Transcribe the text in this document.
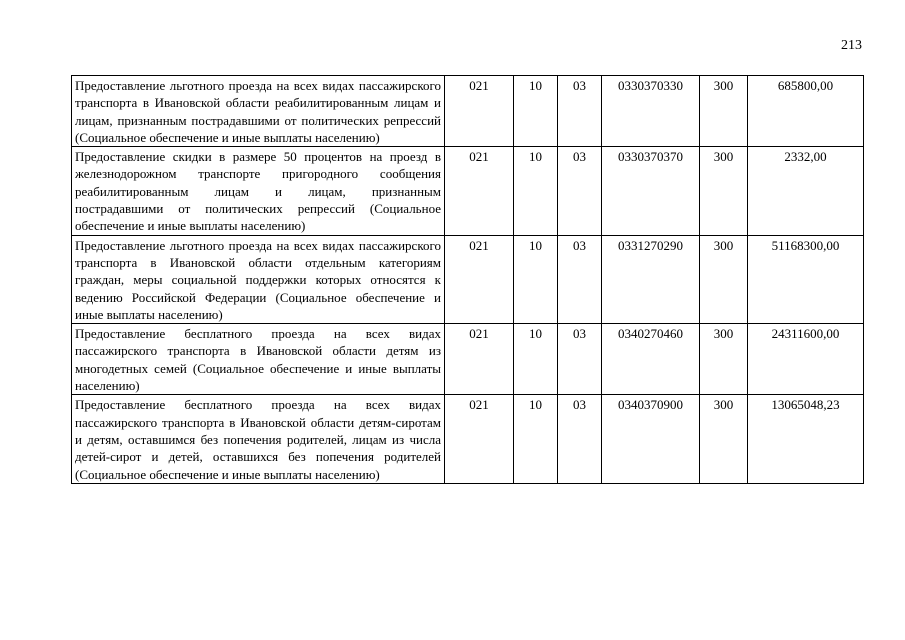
213
Предоставление льготного проезда на всех видах пассажирского транспорта в Ивановской области реабилитированным лицам и лицам, признанным пострадавшими от политических репрессий (Социальное обеспечение и иные выплаты населению)	021	10	03	0330370330	300	685800,00
Предоставление скидки в размере 50 процентов на проезд в железнодорожном транспорте пригородного сообщения реабилитированным лицам и лицам, признанным пострадавшими от политических репрессий (Социальное обеспечение и иные выплаты населению)	021	10	03	0330370370	300	2332,00
Предоставление льготного проезда на всех видах пассажирского транспорта в Ивановской области отдельным категориям граждан, меры социальной поддержки которых относятся к ведению Российской Федерации (Социальное обеспечение и иные выплаты населению)	021	10	03	0331270290	300	51168300,00
Предоставление бесплатного проезда на всех видах пассажирского транспорта в Ивановской области детям из многодетных семей (Социальное обеспечение и иные выплаты населению)	021	10	03	0340270460	300	24311600,00
Предоставление бесплатного проезда на всех видах пассажирского транспорта в Ивановской области детям-сиротам и детям, оставшимся без попечения родителей, лицам из числа детей-сирот и детей, оставшихся без попечения родителей (Социальное обеспечение и иные выплаты населению)	021	10	03	0340370900	300	13065048,23
